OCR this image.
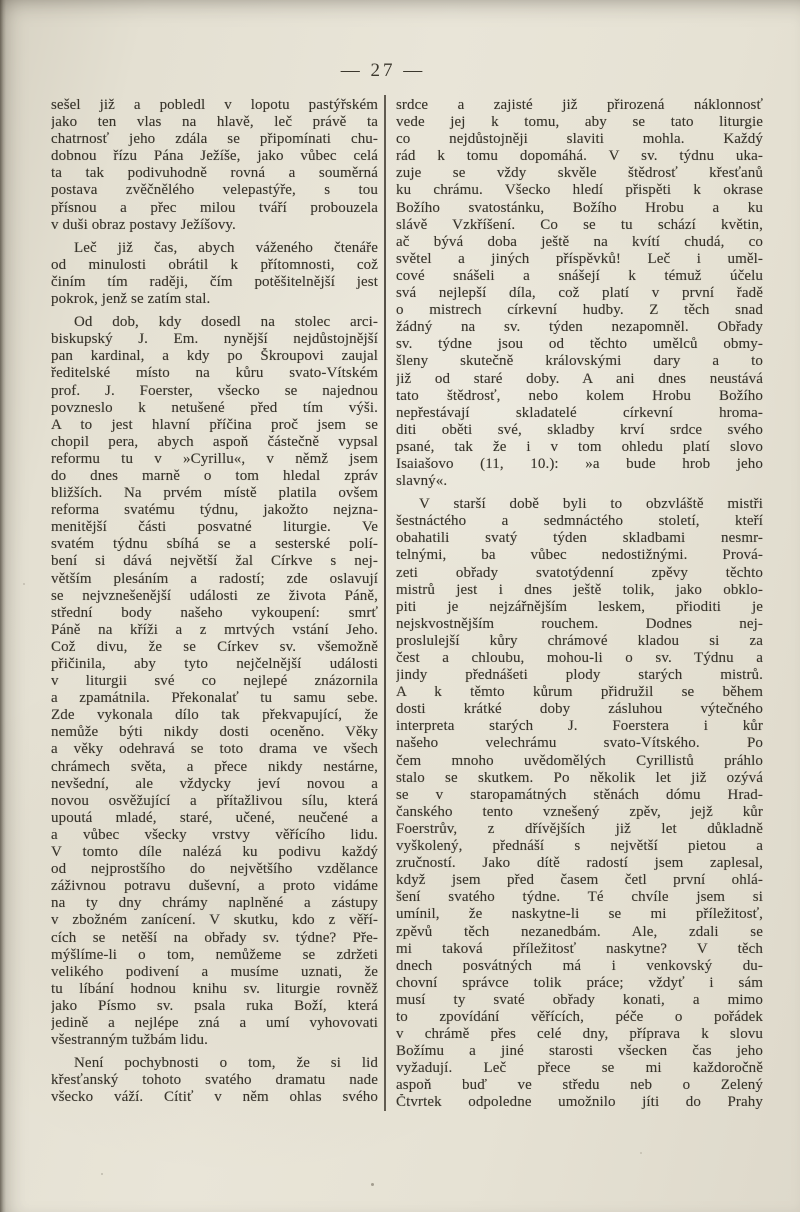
— 27 —

sešel již a pobledl v lopotu pastýřském
jako ten vlas na hlavě, leč právě ta
chatrnosť jeho zdála se připomínati chu-
dobnou řízu Pána Ježíše, jako vůbec celá
ta tak podivuhodně rovná a souměrná
postava zvěčnělého velepastýře, s tou
přísnou a přec milou tváří probouzela
v duši obraz postavy Ježíšovy.

Leč již čas, abych váženého čtenáře
od minulosti obrátil k přítomnosti, což
činím tím raději, čím potěšitelnější jest
pokrok, jenž se zatím stal.

Od dob, kdy dosedl na stolec arci-
biskupský J. Em. nynější nejdůstojnější
pan kardinal, a kdy po Škroupovi zaujal
ředitelské místo na kůru svato-Vítském
prof. J. Foerster, všecko se najednou
povzneslo k netušené před tím výši.
A to jest hlavní příčina proč jsem se
chopil pera, abych aspoň částečně vypsal
reformu tu v »Cyrillu«, v němž jsem
do dnes marně o tom hledal zpráv
bližších. Na prvém místě platila ovšem
reforma svatému týdnu, jakožto nejzna-
menitější části posvatné liturgie. Ve
svatém týdnu sbíhá se a sesterské polí-
bení si dává největší žal Církve s nej-
větším plesáním a radostí; zde oslavují
se nejvznešenější události ze života Páně,
střední body našeho vykoupení: smrť
Páně na kříži a z mrtvých vstání Jeho.
Což divu, že se Církev sv. všemožně
přičinila, aby tyto nejčelnější události
v liturgii své co nejlepé znázornila
a zpamátnila. Překonalať tu samu sebe.
Zde vykonala dílo tak překvapující, že
nemůže býti nikdy dosti oceněno. Věky
a věky odehravá se toto drama ve všech
chrámech světa, a přece nikdy nestárne,
nevšední, ale vždycky jeví novou a
novou osvěžující a přítažlivou sílu, která
upoutá mladé, staré, učené, neučené a
a vůbec všecky vrstvy věřícího lidu.
V tomto díle nalézá ku podivu každý
od nejprostšího do největšího vzdělance
záživnou potravu duševní, a proto vidáme
na ty dny chrámy naplněné a zástupy
v zbožném zanícení. V skutku, kdo z věří-
cích se netěší na obřady sv. týdne? Pře-
mýšlíme-li o tom, nemůžeme se zdržeti
velikého podivení a musíme uznati, že
tu líbání hodnou knihu sv. liturgie rovněž
jako Písmo sv. psala ruka Boží, která
jedině a nejlépe zná a umí vyhovovati
všestranným tužbám lidu.

Není pochybnosti o tom, že si lid
křesťanský tohoto svatého dramatu nade
všecko váží. Cítiť v něm ohlas svého

srdce a zajisté již přirozená náklonnosť
vede jej k tomu, aby se tato liturgie
co nejdůstojněji slaviti mohla. Každý
rád k tomu dopomáhá. V sv. týdnu uka-
zuje se vždy skvěle štědrosť křesťanů
ku chrámu. Všecko hledí přispěti k okrase
Božího svatostánku, Božího Hrobu a ku
slávě Vzkříšení. Co se tu schází květin,
ač bývá doba ještě na kvítí chudá, co
světel a jiných příspěvků! Leč i uměl-
cové snášeli a snášejí k témuž účelu
svá nejlepší díla, což platí v první řadě
o mistrech církevní hudby. Z těch snad
žádný na sv. týden nezapomněl. Obřady
sv. týdne jsou od těchto umělců obmy-
šleny skutečně královskými dary a to
již od staré doby. A ani dnes neustává
tato štědrosť, nebo kolem Hrobu Božího
nepřestávají skladatelé církevní hroma-
diti oběti své, skladby krví srdce svého
psané, tak že i v tom ohledu platí slovo
Isaiašovo (11, 10.): »a bude hrob jeho
slavný«.

V starší době byli to obzvláště mistři
šestnáctého a sedmnáctého století, kteří
obahatili svatý týden skladbami nesmr-
telnými, ba vůbec nedostižnými. Prová-
zeti obřady svatotýdenní zpěvy těchto
mistrů jest i dnes ještě tolik, jako obklo-
piti je nejzářnějším leskem, přioditi je
nejskvostnějším rouchem. Dodnes nej-
proslulejší kůry chrámové kladou si za
čest a chloubu, mohou-li o sv. Týdnu a
jindy přednášeti plody starých mistrů.
A k těmto kůrum přidružil se během
dosti krátké doby zásluhou výtečného
interpreta starých J. Foerstera i kůr
našeho velechrámu svato-Vítského. Po
čem mnoho uvědomělých Cyrillistů práhlo
stalo se skutkem. Po několik let již ozývá
se v staropamátných stěnách dómu Hrad-
čanského tento vznešený zpěv, jejž kůr
Foerstrův, z dřívějších již let důkladně
vyškolený, přednáší s největší pietou a
zručností. Jako dítě radostí jsem zaplesal,
když jsem před časem četl první ohlá-
šení svatého týdne. Té chvíle jsem si
umínil, že naskytne-li se mi příležitosť,
zpěvů těch nezanedbám. Ale, zdali se
mi taková příležitosť naskytne? V těch
dnech posvátných má i venkovský du-
chovní správce tolik práce; vždyť i sám
musí ty svaté obřady konati, a mimo
to zpovídání věřících, péče o pořádek
v chrámě přes celé dny, příprava k slovu
Božímu a jiné starosti všecken čas jeho
vyžadují. Leč přece se mi každoročně
aspoň buď ve středu neb o Zelený
Čtvrtek odpoledne umožnilo jíti do Prahy
